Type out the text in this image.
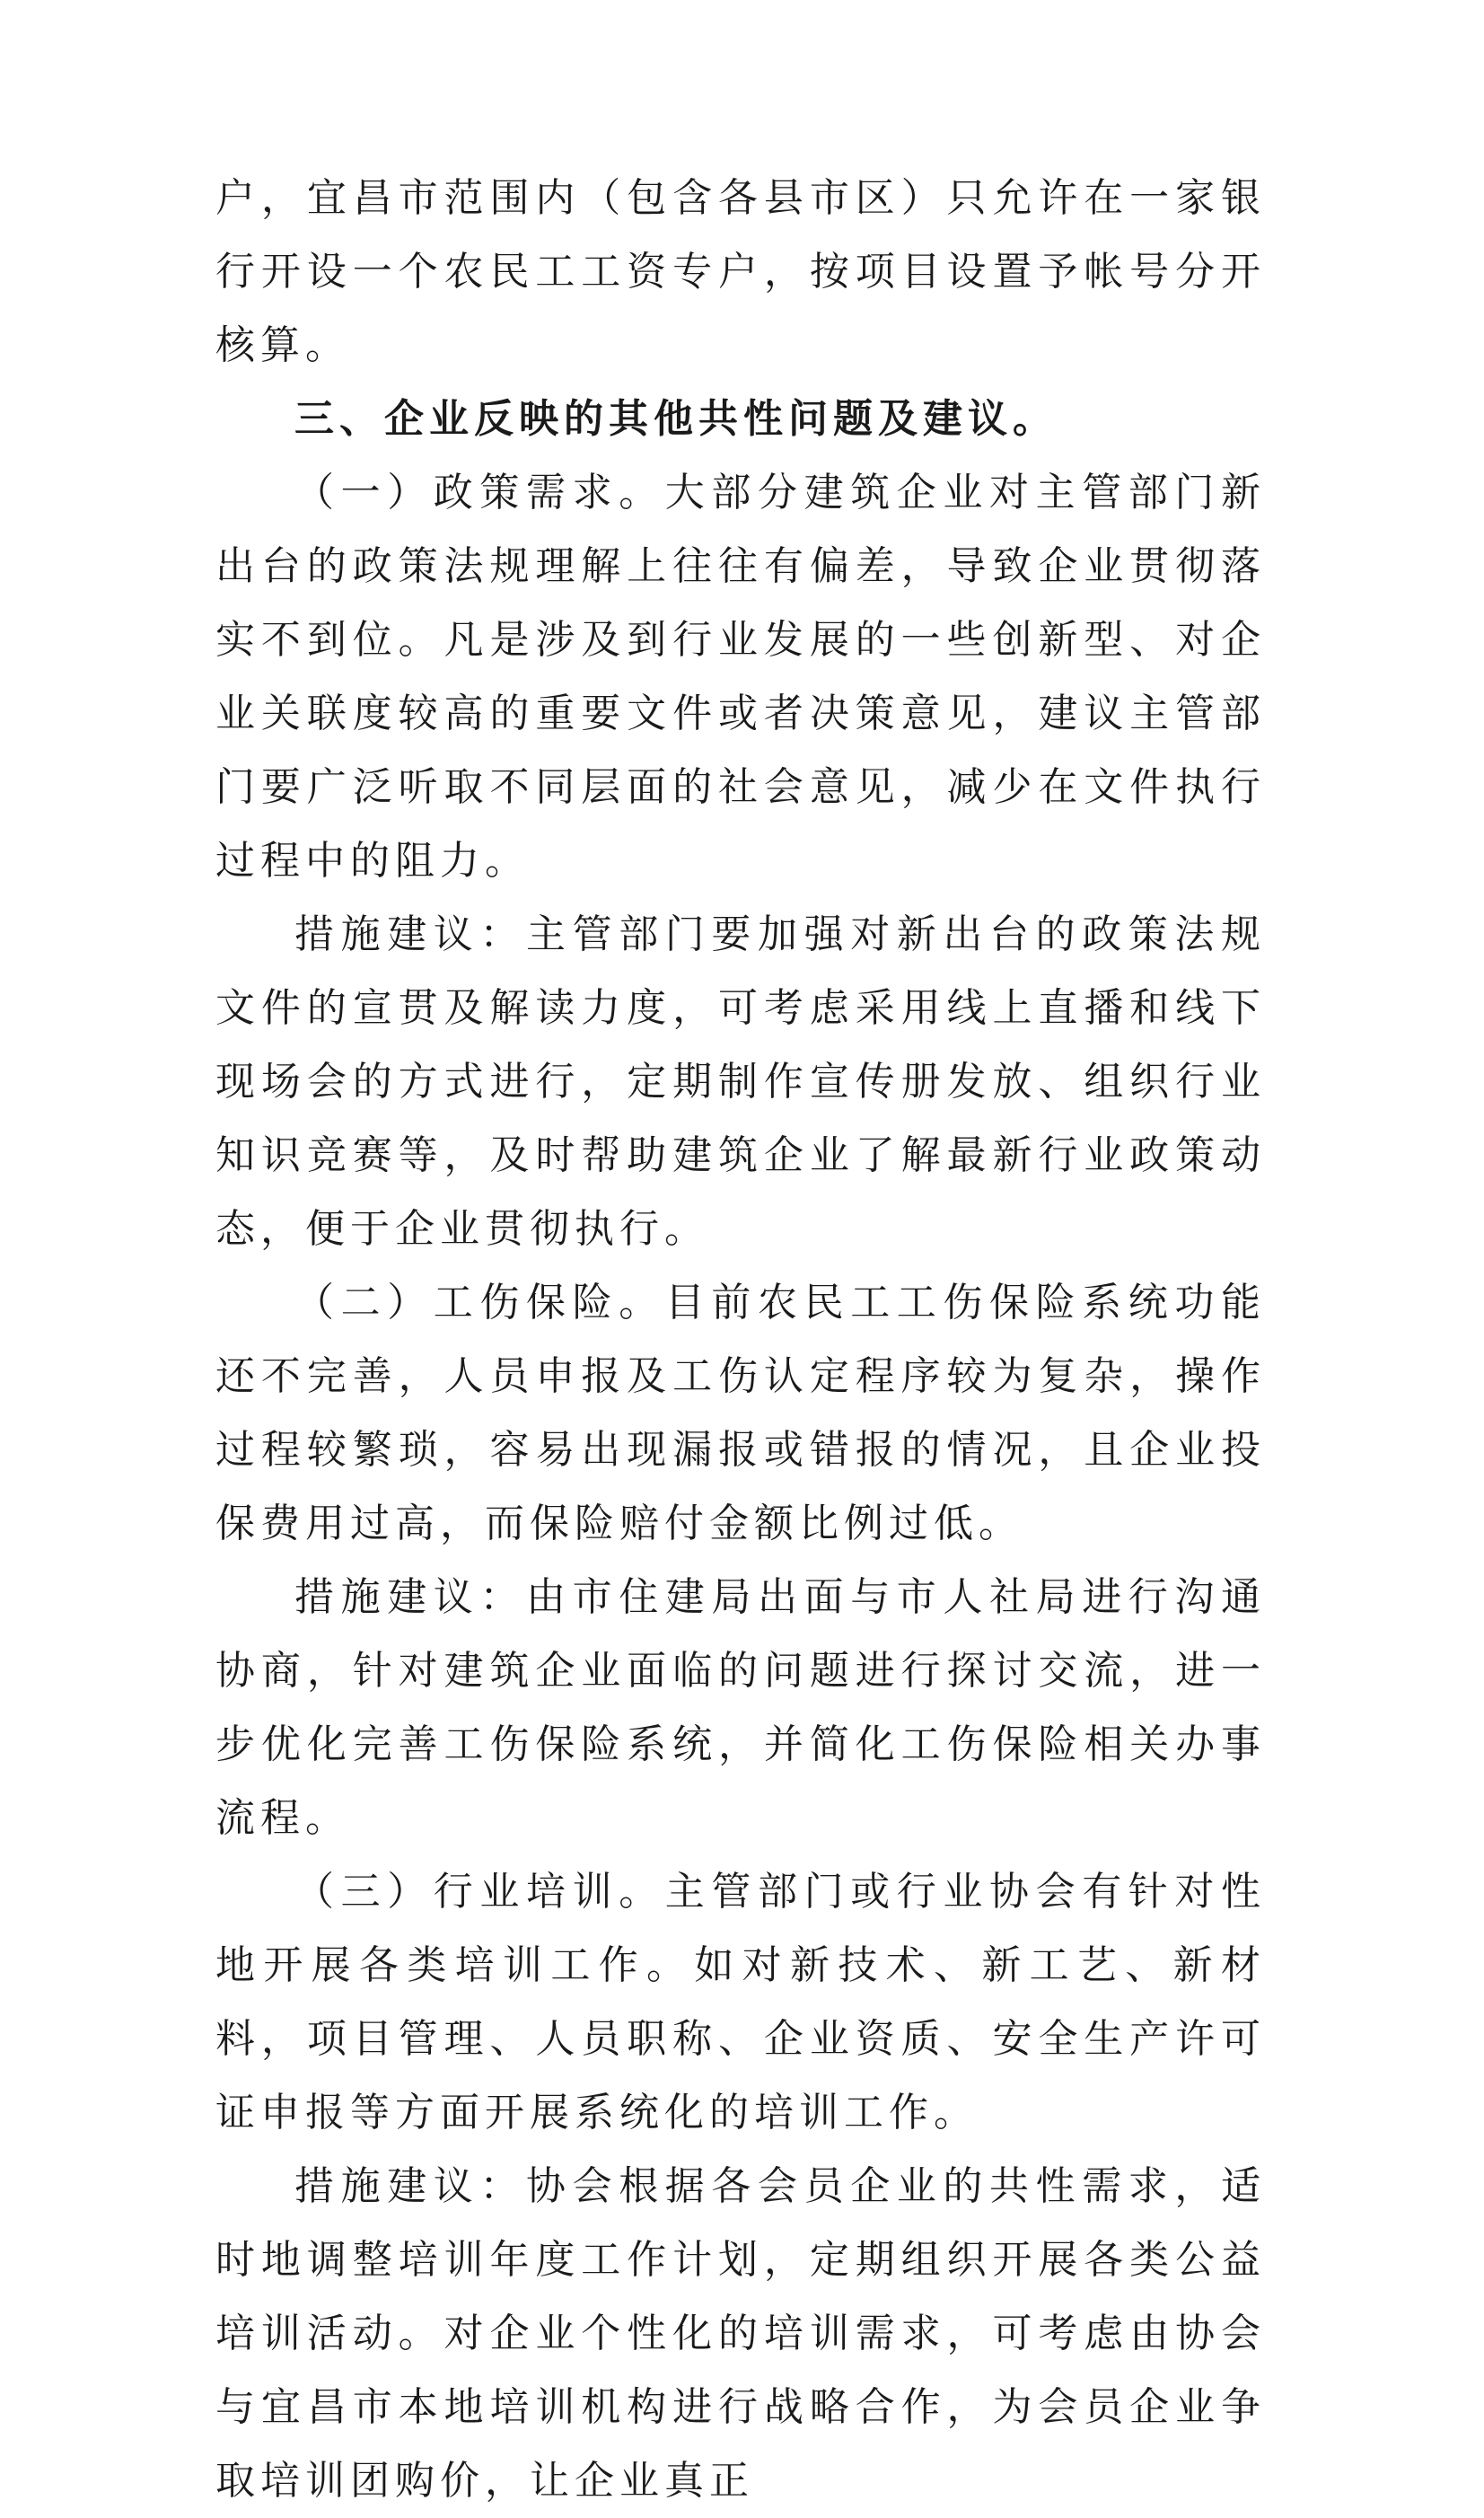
户，宜昌市范围内（包含各县市区）只允许在一家银行开设一个农民工工资专户，按项目设置予帐号分开核算。

三、企业反映的其他共性问题及建议。

（一）政策需求。大部分建筑企业对主管部门新出台的政策法规理解上往往有偏差，导致企业贯彻落实不到位。凡是涉及到行业发展的一些创新型、对企业关联度较高的重要文件或者决策意见，建议主管部门要广泛听取不同层面的社会意见，减少在文件执行过程中的阻力。

措施建议：主管部门要加强对新出台的政策法规文件的宣贯及解读力度，可考虑采用线上直播和线下现场会的方式进行，定期制作宣传册发放、组织行业知识竞赛等，及时帮助建筑企业了解最新行业政策动态，便于企业贯彻执行。

（二）工伤保险。目前农民工工伤保险系统功能还不完善，人员申报及工伤认定程序较为复杂，操作过程较繁琐，容易出现漏报或错报的情况，且企业投保费用过高，而保险赔付金额比例过低。

措施建议：由市住建局出面与市人社局进行沟通协商，针对建筑企业面临的问题进行探讨交流，进一步优化完善工伤保险系统，并简化工伤保险相关办事流程。

（三）行业培训。主管部门或行业协会有针对性地开展各类培训工作。如对新技术、新工艺、新材料，项目管理、人员职称、企业资质、安全生产许可证申报等方面开展系统化的培训工作。

措施建议：协会根据各会员企业的共性需求，适时地调整培训年度工作计划，定期组织开展各类公益培训活动。对企业个性化的培训需求，可考虑由协会与宜昌市本地培训机构进行战略合作，为会员企业争取培训团购价，让企业真正
